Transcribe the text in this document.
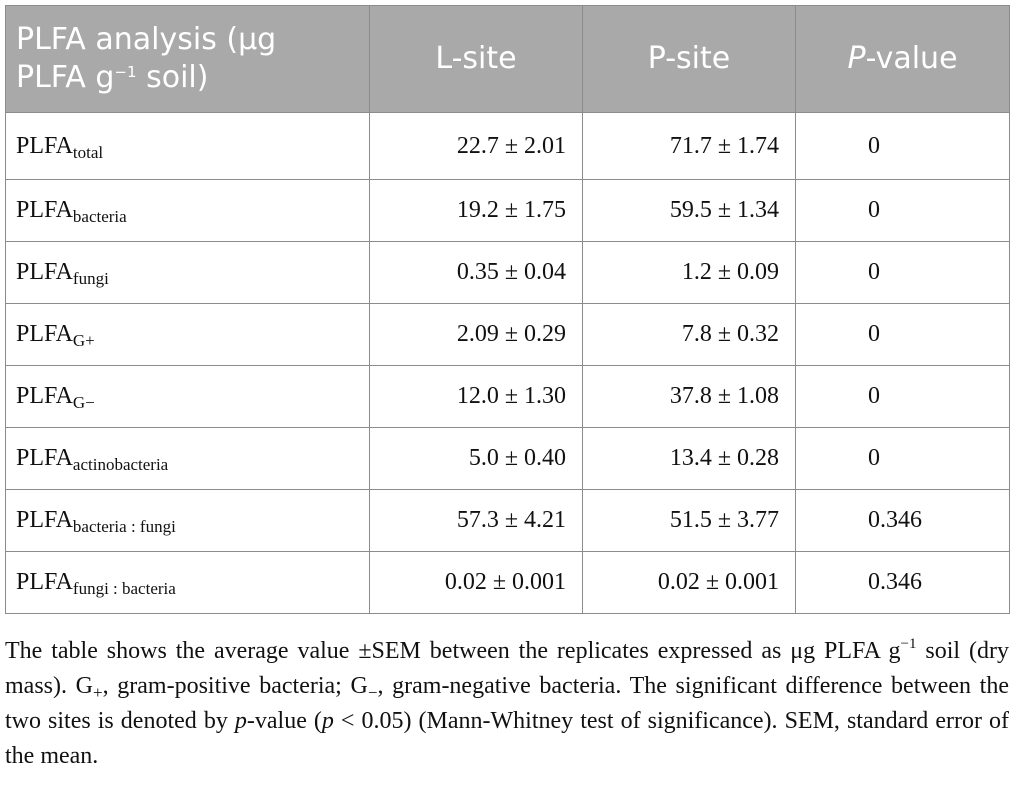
PLFA analysis (μg
PLFA $g^{-1}$ soil)	L-site	P-site	P-value
$PLFA_{total}$	22.7 ± 2.01	71.7 ± 1.74	0
$PLFA_{bacteria}$	19.2 ± 1.75	59.5 ± 1.34	0
$PLFA_{fungi}$	0.35 ± 0.04	1.2 ± 0.09	0
$PLFA_{G+}$	2.09 ± 0.29	7.8 ± 0.32	0
$PLFA_{G-}$	12.0 ± 1.30	37.8 ± 1.08	0
$PLFA_{actinobacteria}$	5.0 ± 0.40	13.4 ± 0.28	0
$PLFA_{bacteria : fungi}$	57.3 ± 4.21	51.5 ± 3.77	0.346
$PLFA_{fungi : bacteria}$	0.02 ± 0.001	0.02 ± 0.001	0.346

The table shows the average value ±SEM between the replicates expressed as μg PLFA $g^{-1}$ soil (dry mass). $G_+$, gram-positive bacteria; $G_-$, gram-negative bacteria. The significant difference between the two sites is denoted by p-value (p < 0.05) (Mann-Whitney test of significance). SEM, standard error of the mean.
